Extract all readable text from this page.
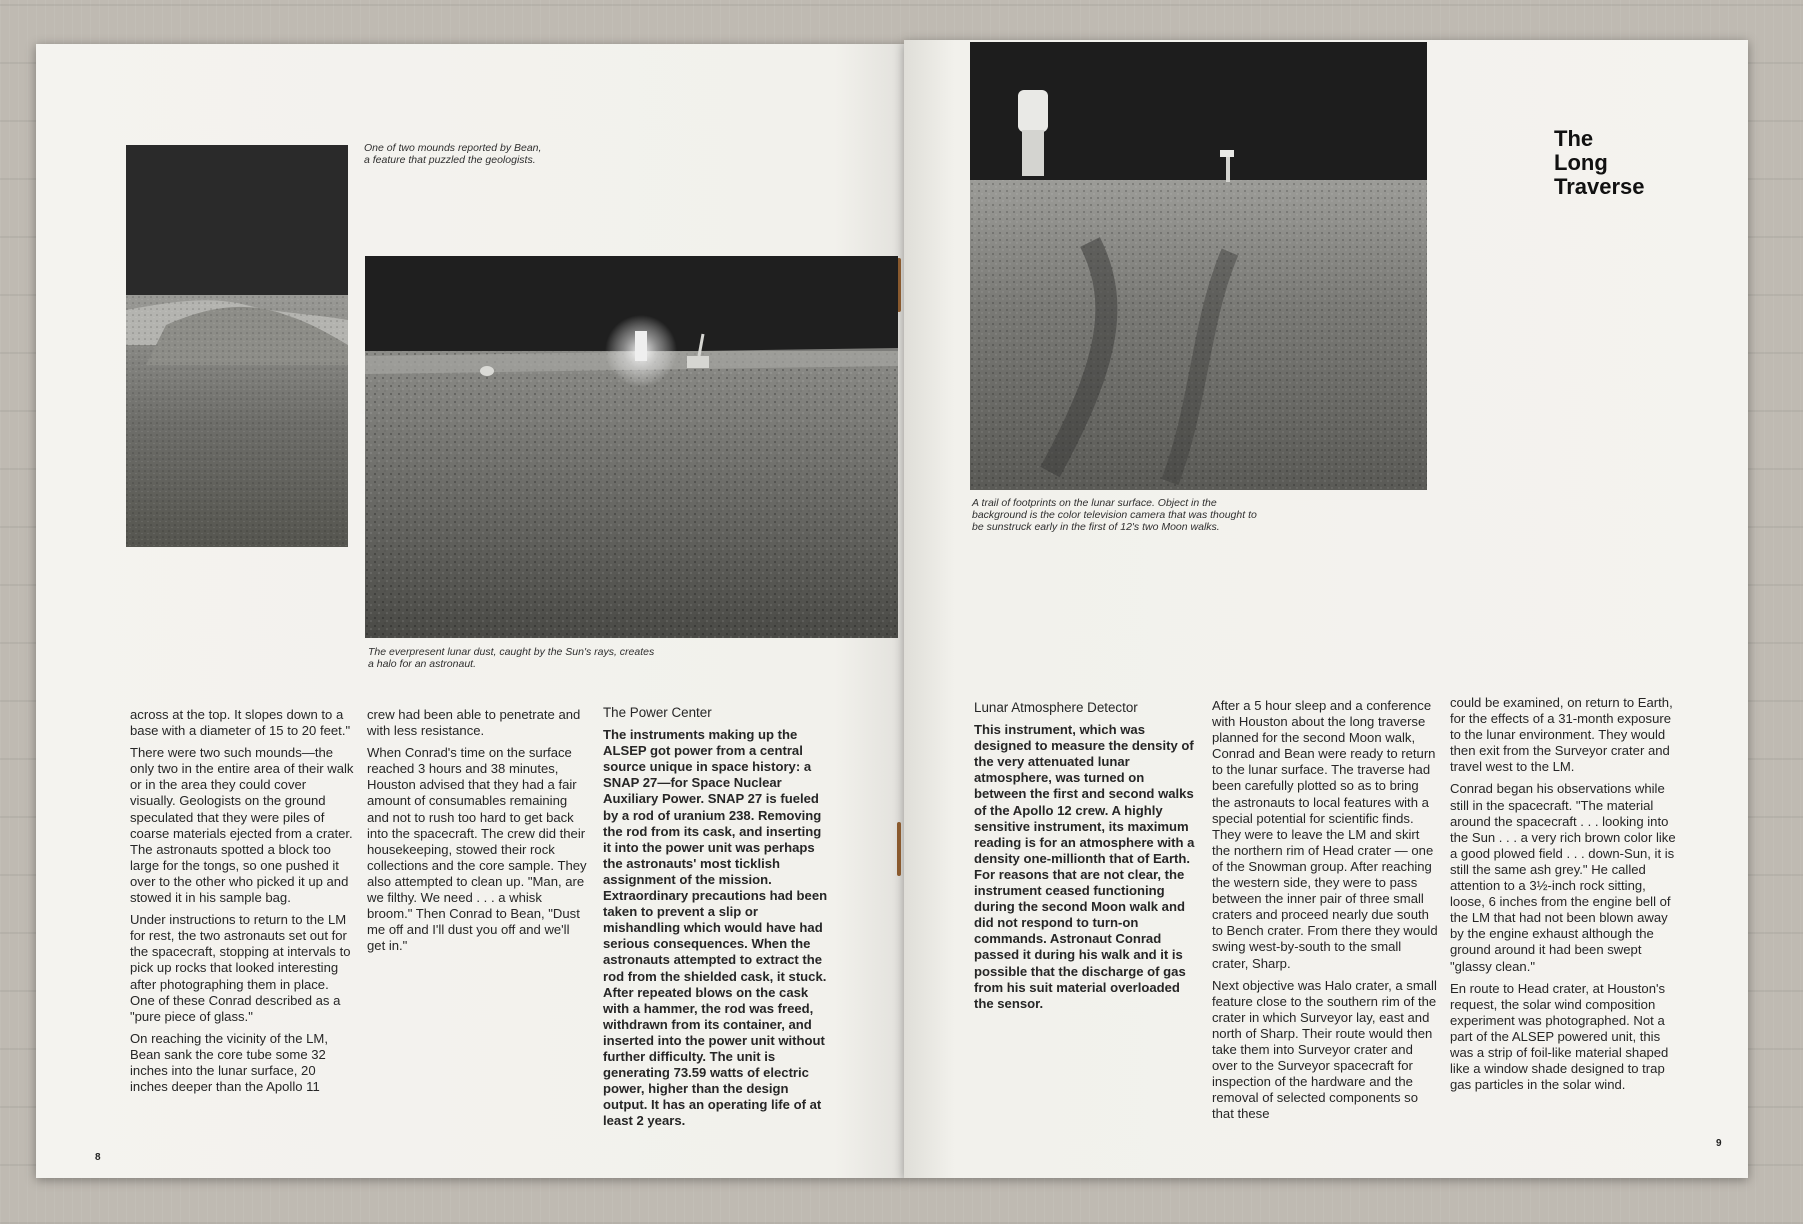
One of two mounds reported by Bean,
a feature that puzzled the geologists.

The everpresent lunar dust, caught by the Sun's rays, creates
a halo for an astronaut.

A trail of footprints on the lunar surface. Object in the
background is the color television camera that was thought to
be sunstruck early in the first of 12's two Moon walks.

The
Long
Traverse

across at the top. It slopes down to a base with a diameter of 15 to 20 feet."

There were two such mounds—the only two in the entire area of their walk or in the area they could cover visually. Geologists on the ground speculated that they were piles of coarse materials ejected from a crater. The astronauts spotted a block too large for the tongs, so one pushed it over to the other who picked it up and stowed it in his sample bag.

Under instructions to return to the LM for rest, the two astronauts set out for the spacecraft, stopping at intervals to pick up rocks that looked interesting after photographing them in place. One of these Conrad described as a "pure piece of glass."

On reaching the vicinity of the LM, Bean sank the core tube some 32 inches into the lunar surface, 20 inches deeper than the Apollo 11

crew had been able to penetrate and with less resistance.

When Conrad's time on the surface reached 3 hours and 38 minutes, Houston advised that they had a fair amount of consumables remaining and not to rush too hard to get back into the spacecraft. The crew did their housekeeping, stowed their rock collections and the core sample. They also attempted to clean up. "Man, are we filthy. We need . . . a whisk broom." Then Conrad to Bean, "Dust me off and I'll dust you off and we'll get in."

The Power Center

The instruments making up the ALSEP got power from a central source unique in space history: a SNAP 27—for Space Nuclear Auxiliary Power. SNAP 27 is fueled by a rod of uranium 238. Removing the rod from its cask, and inserting it into the power unit was perhaps the astronauts' most ticklish assignment of the mission. Extraordinary precautions had been taken to prevent a slip or mishandling which would have had serious consequences. When the astronauts attempted to extract the rod from the shielded cask, it stuck. After repeated blows on the cask with a hammer, the rod was freed, withdrawn from its container, and inserted into the power unit without further difficulty. The unit is generating 73.59 watts of electric power, higher than the design output. It has an operating life of at least 2 years.

Lunar Atmosphere Detector

This instrument, which was designed to measure the density of the very attenuated lunar atmosphere, was turned on between the first and second walks of the Apollo 12 crew. A highly sensitive instrument, its maximum reading is for an atmosphere with a density one-millionth that of Earth.

For reasons that are not clear, the instrument ceased functioning during the second Moon walk and did not respond to turn-on commands. Astronaut Conrad passed it during his walk and it is possible that the discharge of gas from his suit material overloaded the sensor.

After a 5 hour sleep and a conference with Houston about the long traverse planned for the second Moon walk, Conrad and Bean were ready to return to the lunar surface. The traverse had been carefully plotted so as to bring the astronauts to local features with a special potential for scientific finds. They were to leave the LM and skirt the northern rim of Head crater — one of the Snowman group. After reaching the western side, they were to pass between the inner pair of three small craters and proceed nearly due south to Bench crater. From there they would swing west-by-south to the small crater, Sharp.

Next objective was Halo crater, a small feature close to the southern rim of the crater in which Surveyor lay, east and north of Sharp. Their route would then take them into Surveyor crater and over to the Surveyor spacecraft for inspection of the hardware and the removal of selected components so that these

could be examined, on return to Earth, for the effects of a 31-month exposure to the lunar environment. They would then exit from the Surveyor crater and travel west to the LM.

Conrad began his observations while still in the spacecraft. "The material around the spacecraft . . . looking into the Sun . . . a very rich brown color like a good plowed field . . . down-Sun, it is still the same ash grey." He called attention to a 3½-inch rock sitting, loose, 6 inches from the engine bell of the LM that had not been blown away by the engine exhaust although the ground around it had been swept "glassy clean."

En route to Head crater, at Houston's request, the solar wind composition experiment was photographed. Not a part of the ALSEP powered unit, this was a strip of foil-like material shaped like a window shade designed to trap gas particles in the solar wind.

8
9
